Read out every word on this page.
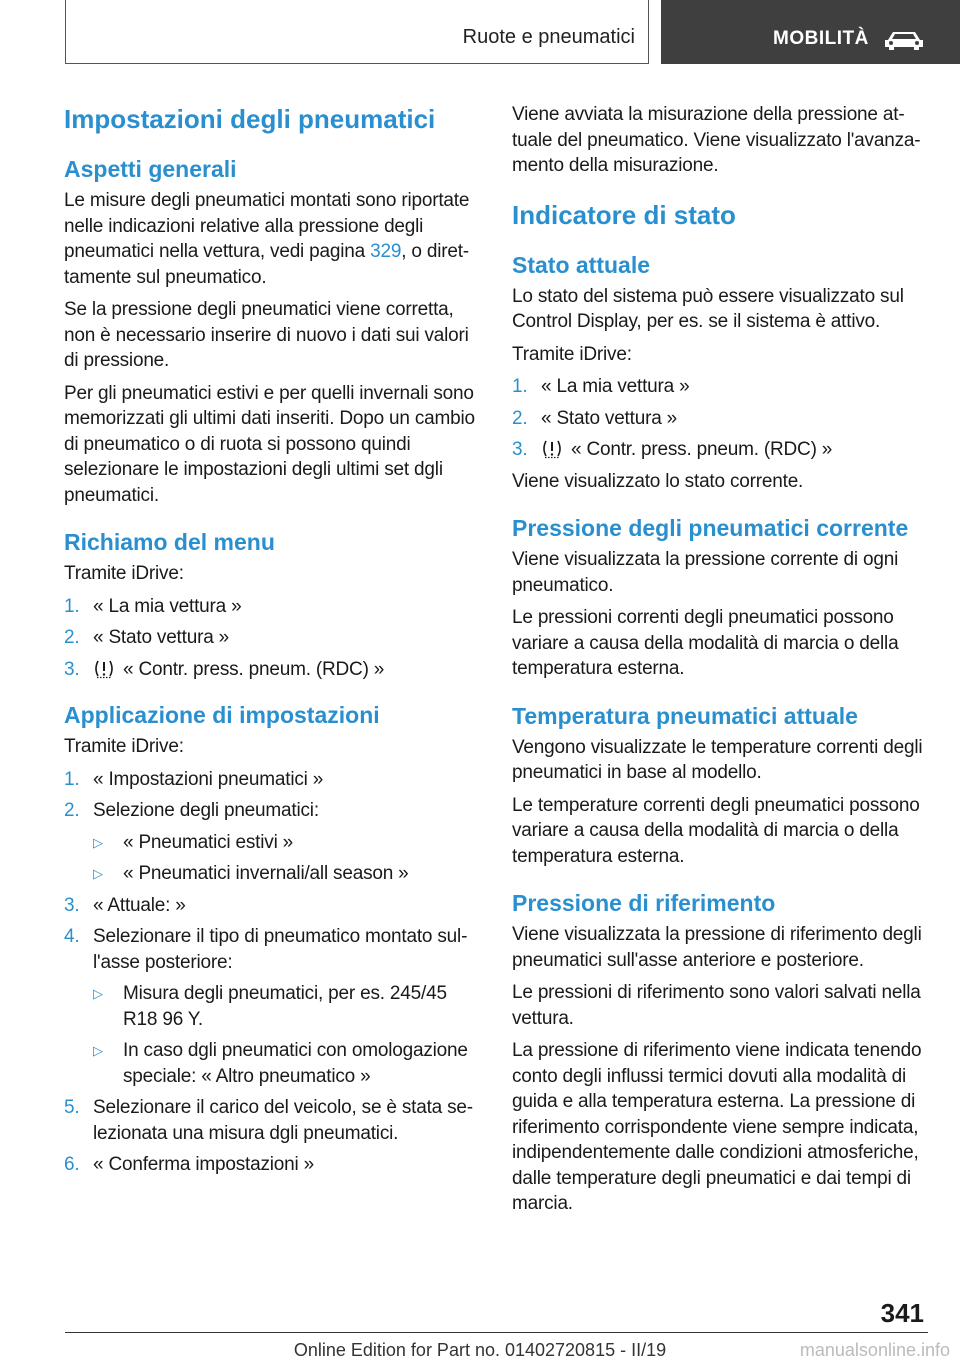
Ruote e pneumatici	MOBILITÀ
Impostazioni degli pneumatici
Aspetti generali

Le misure degli pneumatici montati sono riportate nelle indicazioni relative alla pressione degli pneumatici nella vettura, vedi pagina 329, o direttamente sul pneumatico.

Se la pressione degli pneumatici viene corretta, non è necessario inserire di nuovo i dati sui valori di pressione.

Per gli pneumatici estivi e per quelli invernali sono memorizzati gli ultimi dati inseriti. Dopo un cambio di pneumatico o di ruota si possono quindi selezionare le impostazioni degli ultimi set dgli pneumatici.

Richiamo del menu

Tramite iDrive:

1. « La mia vettura »
2. « Stato vettura »
3. « Contr. press. pneum. (RDC) »
Applicazione di impostazioni

Tramite iDrive:

1. « Impostazioni pneumatici »
2. Selezione degli pneumatici:
▷ « Pneumatici estivi »
▷ « Pneumatici invernali/all season »
3. « Attuale: »
4. Selezionare il tipo di pneumatico montato sull'asse posteriore:
▷ Misura degli pneumatici, per es. 245/45 R18 96 Y.
▷ In caso dgli pneumatici con omologazione speciale: « Altro pneumatico »
5. Selezionare il carico del veicolo, se è stata selezionata una misura dgli pneumatici.
6. « Conferma impostazioni »

Viene avviata la misurazione della pressione attuale del pneumatico. Viene visualizzato l'avanzamento della misurazione.

Indicatore di stato
Stato attuale

Lo stato del sistema può essere visualizzato sul Control Display, per es. se il sistema è attivo.

Tramite iDrive:

1. « La mia vettura »
2. « Stato vettura »
3. « Contr. press. pneum. (RDC) »

Viene visualizzato lo stato corrente.

Pressione degli pneumatici corrente

Viene visualizzata la pressione corrente di ogni pneumatico.

Le pressioni correnti degli pneumatici possono variare a causa della modalità di marcia o della temperatura esterna.

Temperatura pneumatici attuale

Vengono visualizzate le temperature correnti degli pneumatici in base al modello.

Le temperature correnti degli pneumatici possono variare a causa della modalità di marcia o della temperatura esterna.

Pressione di riferimento

Viene visualizzata la pressione di riferimento degli pneumatici sull'asse anteriore e posteriore.

Le pressioni di riferimento sono valori salvati nella vettura.

La pressione di riferimento viene indicata tenendo conto degli influssi termici dovuti alla modalità di guida e alla temperatura esterna. La pressione di riferimento corrispondente viene sempre indicata, indipendentemente dalle condizioni atmosferiche, dalle temperature degli pneumatici e dai tempi di marcia.

341
Online Edition for Part no. 01402720815 - II/19	manualsonline.info
